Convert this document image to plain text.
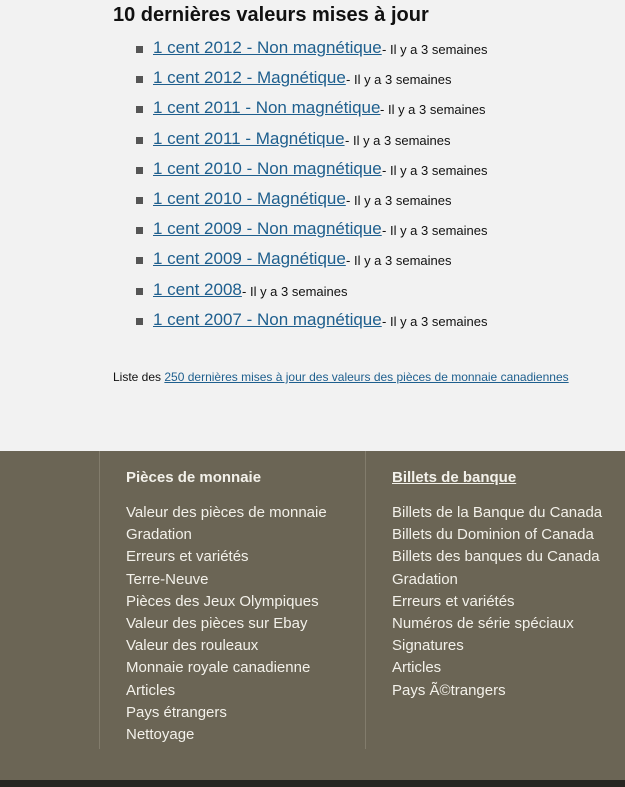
10 dernières valeurs mises à jour
1 cent 2012 - Non magnétique - Il y a 3 semaines
1 cent 2012 - Magnétique - Il y a 3 semaines
1 cent 2011 - Non magnétique - Il y a 3 semaines
1 cent 2011 - Magnétique - Il y a 3 semaines
1 cent 2010 - Non magnétique - Il y a 3 semaines
1 cent 2010 - Magnétique - Il y a 3 semaines
1 cent 2009 - Non magnétique - Il y a 3 semaines
1 cent 2009 - Magnétique - Il y a 3 semaines
1 cent 2008 - Il y a 3 semaines
1 cent 2007 - Non magnétique - Il y a 3 semaines
Liste des 250 dernières mises à jour des valeurs des pièces de monnaie canadiennes
Pièces de monnaie
Valeur des pièces de monnaie
Gradation
Erreurs et variétés
Terre-Neuve
Pièces des Jeux Olympiques
Valeur des pièces sur Ebay
Valeur des rouleaux
Monnaie royale canadienne
Articles
Pays étrangers
Nettoyage
Billets de banque
Billets de la Banque du Canada
Billets du Dominion of Canada
Billets des banques du Canada
Gradation
Erreurs et variétés
Numéros de série spéciaux
Signatures
Articles
Pays Ã©trangers
